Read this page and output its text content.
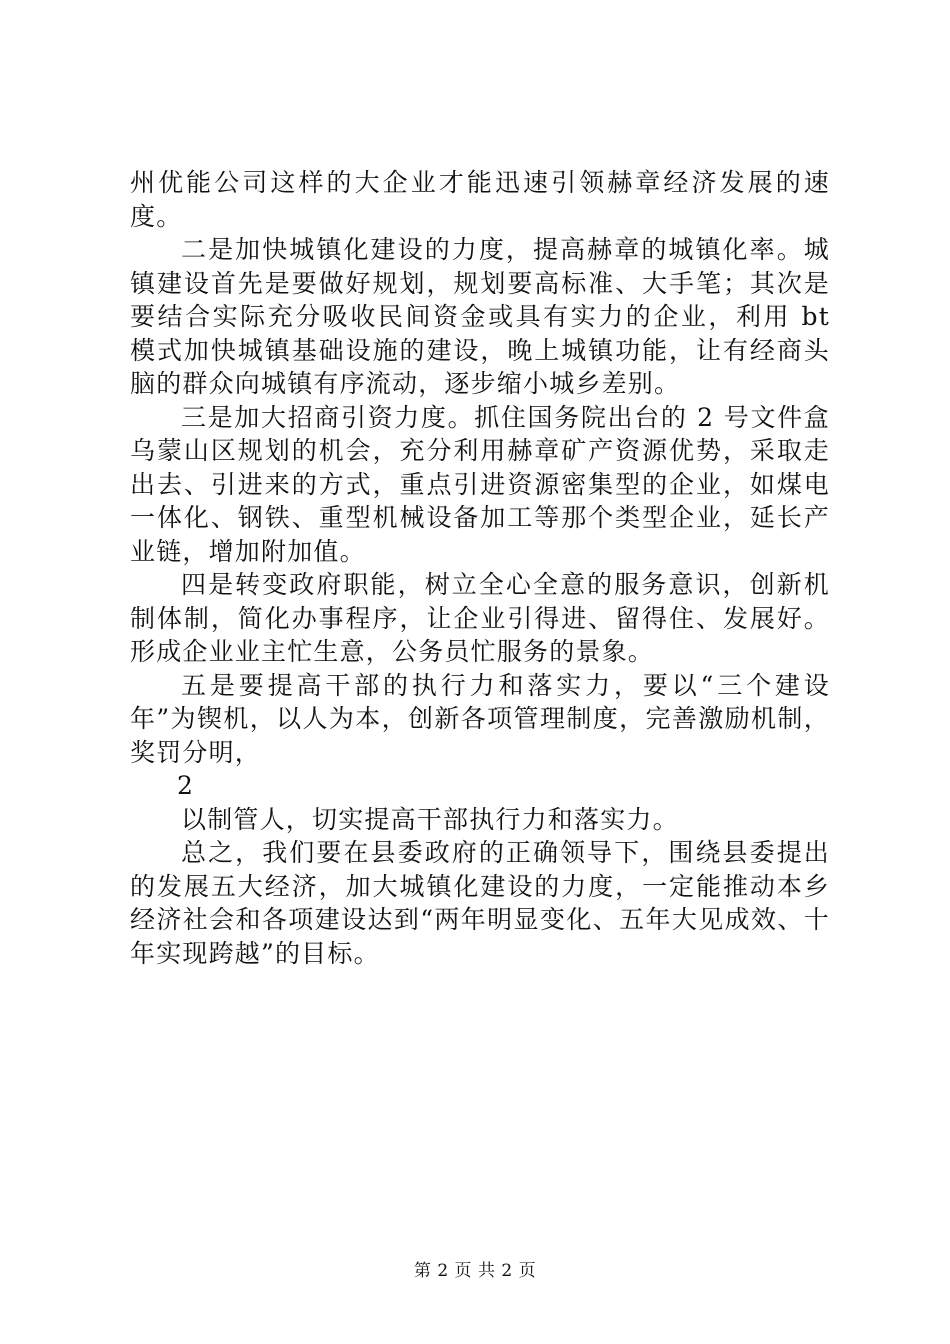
州优能公司这样的大企业才能迅速引领赫章经济发展的速度。

二是加快城镇化建设的力度，提高赫章的城镇化率。城镇建设首先是要做好规划，规划要高标准、大手笔；其次是要结合实际充分吸收民间资金或具有实力的企业，利用 bt 模式加快城镇基础设施的建设，晚上城镇功能，让有经商头脑的群众向城镇有序流动，逐步缩小城乡差别。

三是加大招商引资力度。抓住国务院出台的 2 号文件盒乌蒙山区规划的机会，充分利用赫章矿产资源优势，采取走出去、引进来的方式，重点引进资源密集型的企业，如煤电一体化、钢铁、重型机械设备加工等那个类型企业，延长产业链，增加附加值。

四是转变政府职能，树立全心全意的服务意识，创新机制体制，简化办事程序，让企业引得进、留得住、发展好。形成企业业主忙生意，公务员忙服务的景象。

五是要提高干部的执行力和落实力，要以“三个建设年”为锲机，以人为本，创新各项管理制度，完善激励机制，奖罚分明，

2

以制管人，切实提高干部执行力和落实力。

总之，我们要在县委政府的正确领导下，围绕县委提出的发展五大经济，加大城镇化建设的力度，一定能推动本乡经济社会和各项建设达到“两年明显变化、五年大见成效、十年实现跨越”的目标。

第 2 页 共 2 页
